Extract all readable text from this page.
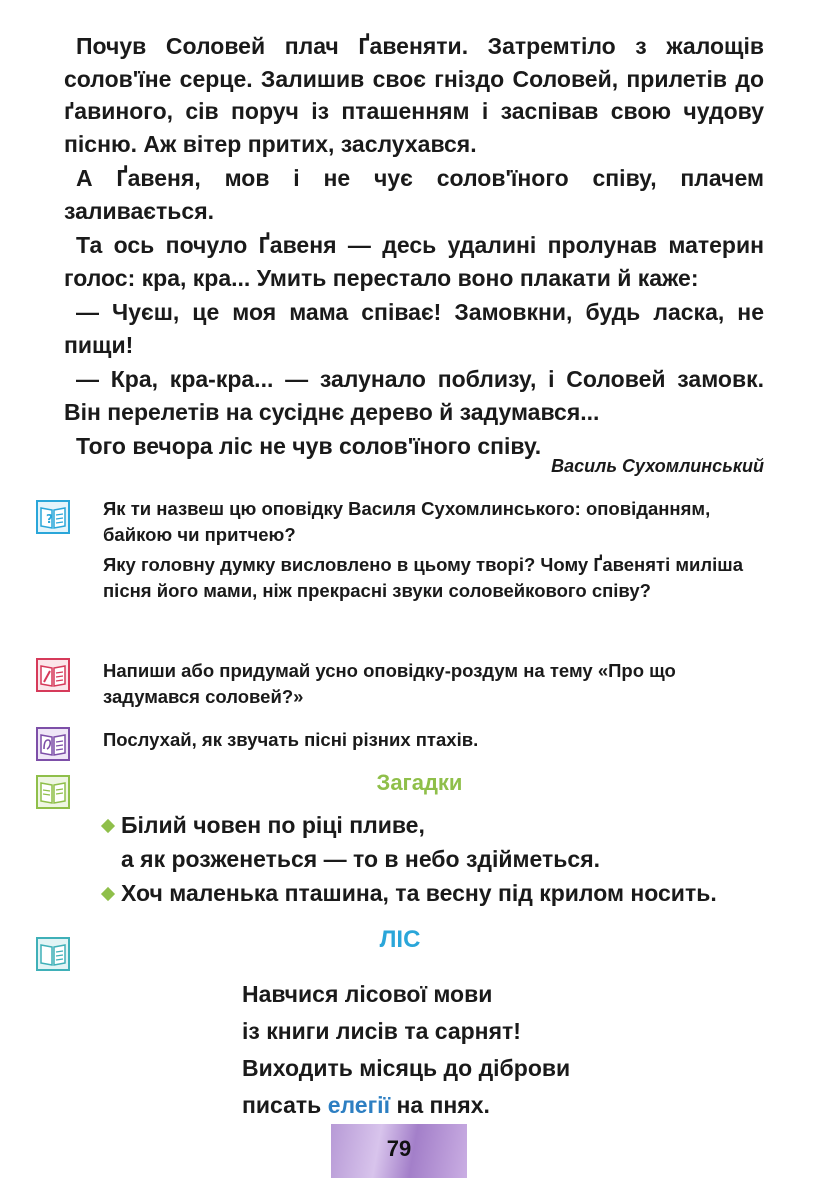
Почув Соловей плач Ґавеняти. Затремтіло з жалощів солов'їне серце. Залишив своє гніздо Соловей, прилетів до ґавиного, сів поруч із пташенням і заспівав свою чудову пісню. Аж вітер притих, заслухався.

А Ґавеня, мов і не чує солов'їного співу, плачем заливається.

Та ось почуло Ґавеня — десь удалині пролунав материн голос: кра, кра... Умить перестало воно плакати й каже:

— Чуєш, це моя мама співає! Замовкни, будь ласка, не пищи!

— Кра, кра-кра... — залунало поблизу, і Соловей замовк. Він перелетів на сусіднє дерево й задумався...

Того вечора ліс не чув солов'їного співу.

Василь Сухомлинський
?	Як ти назвеш цю оповідку Василя Сухомлинського: оповіданням, байкою чи притчею?

Яку головну думку висловлено в цьому творі? Чому Ґавеняті миліша пісня його мами, ніж прекрасні звуки соловейкового співу?

Напиши або придумай усно оповідку-роздум на тему «Про що задумався соловей?»

Послухай, як звучать пісні різних птахів.

Загадки
Білий човен по ріці пливе,
а як розженеться — то в небо здійметься.
Хоч маленька пташина, та весну під крилом носить.
ЛІС
Навчися лісової мови
із книги лисів та сарнят!
Виходить місяць до діброви
писать елегії на пнях.
79
